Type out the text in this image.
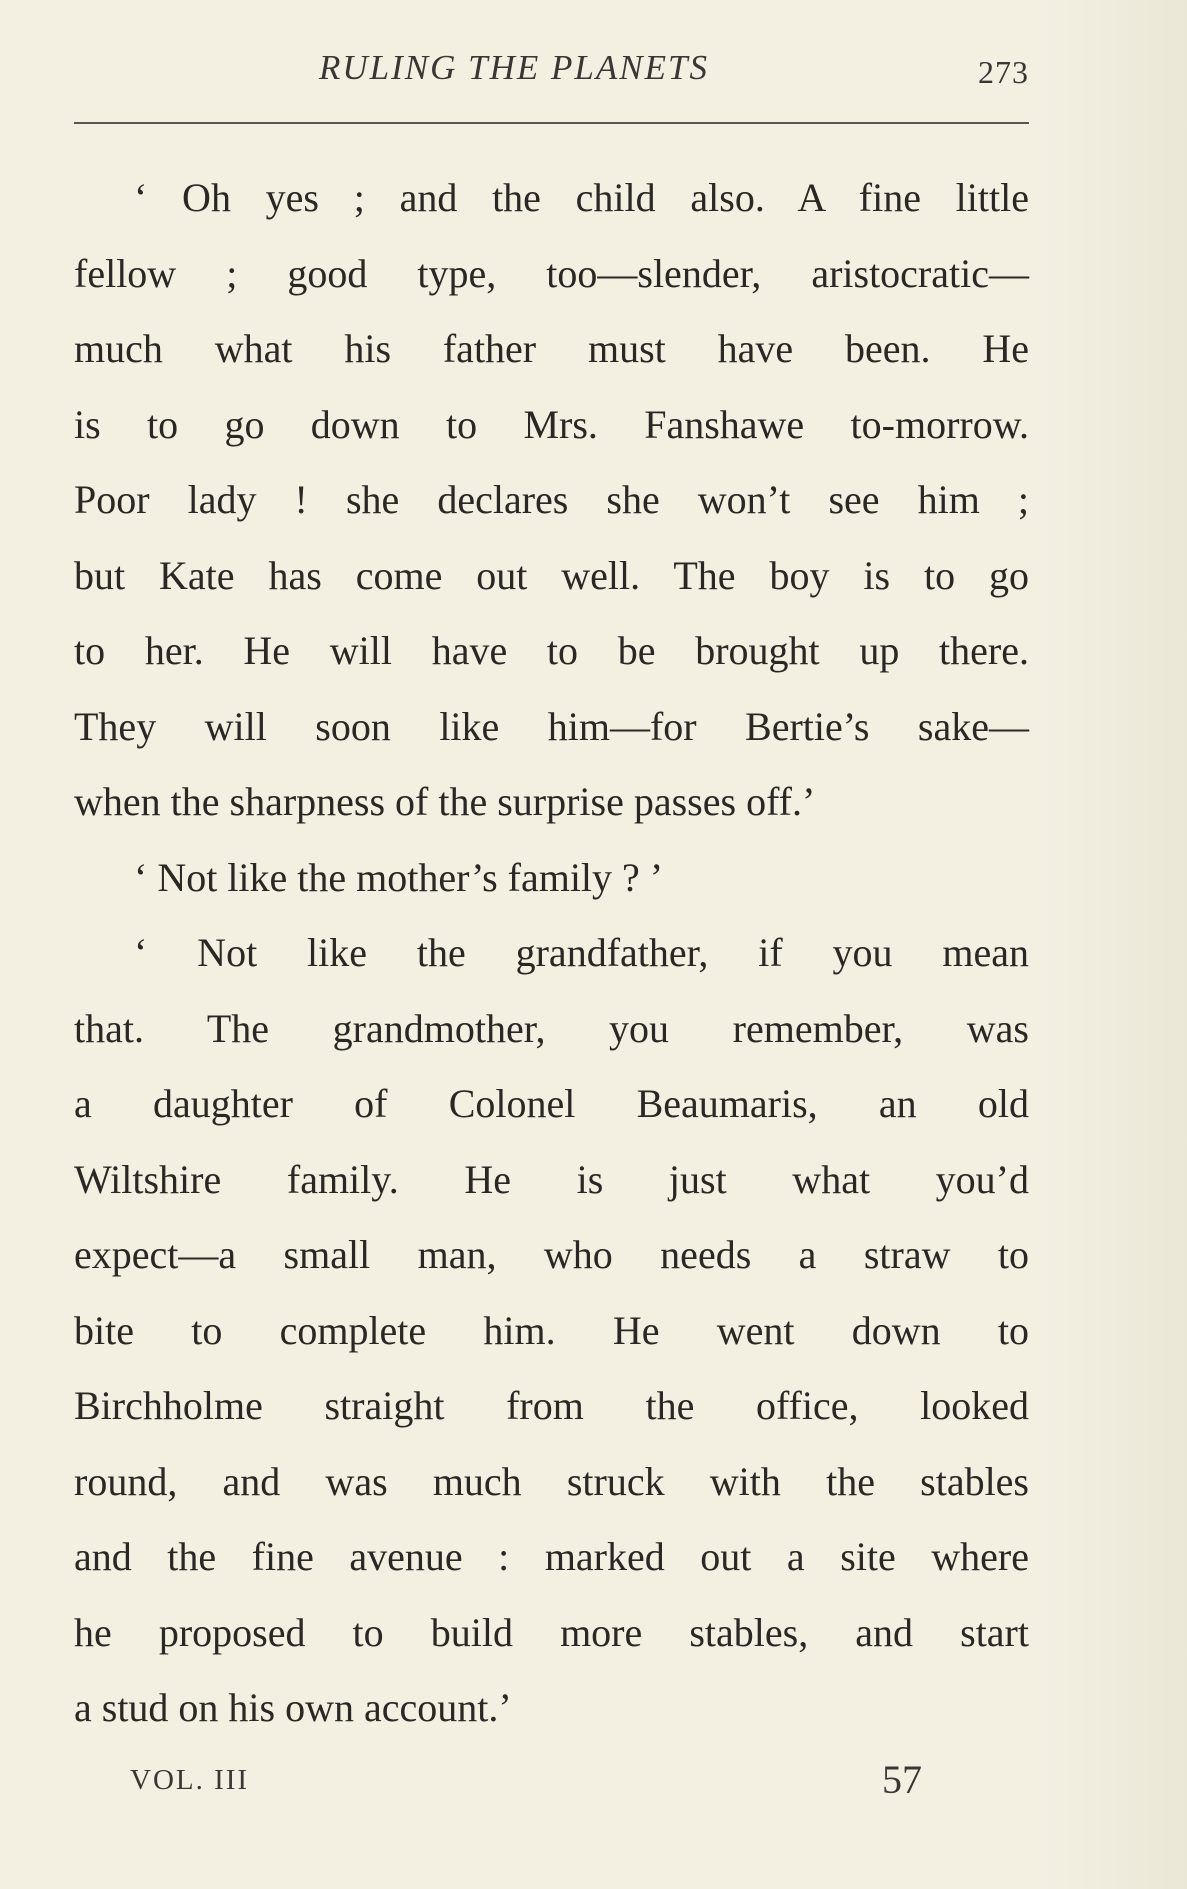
RULING THE PLANETS	273
‘ Oh yes ; and the child also. A fine little
fellow ; good type, too—slender, aristocratic—
much what his father must have been. He
is to go down to Mrs. Fanshawe to-morrow.
Poor lady ! she declares she won’t see him ;
but Kate has come out well. The boy is to go
to her. He will have to be brought up there.
They will soon like him—for Bertie’s sake—
when the sharpness of the surprise passes off.’
‘ Not like the mother’s family ? ’
‘ Not like the grandfather, if you mean
that. The grandmother, you remember, was
a daughter of Colonel Beaumaris, an old
Wiltshire family. He is just what you’d
expect—a small man, who needs a straw to
bite to complete him. He went down to
Birchholme straight from the office, looked
round, and was much struck with the stables
and the fine avenue : marked out a site where
he proposed to build more stables, and start
a stud on his own account.’
VOL. III	57
